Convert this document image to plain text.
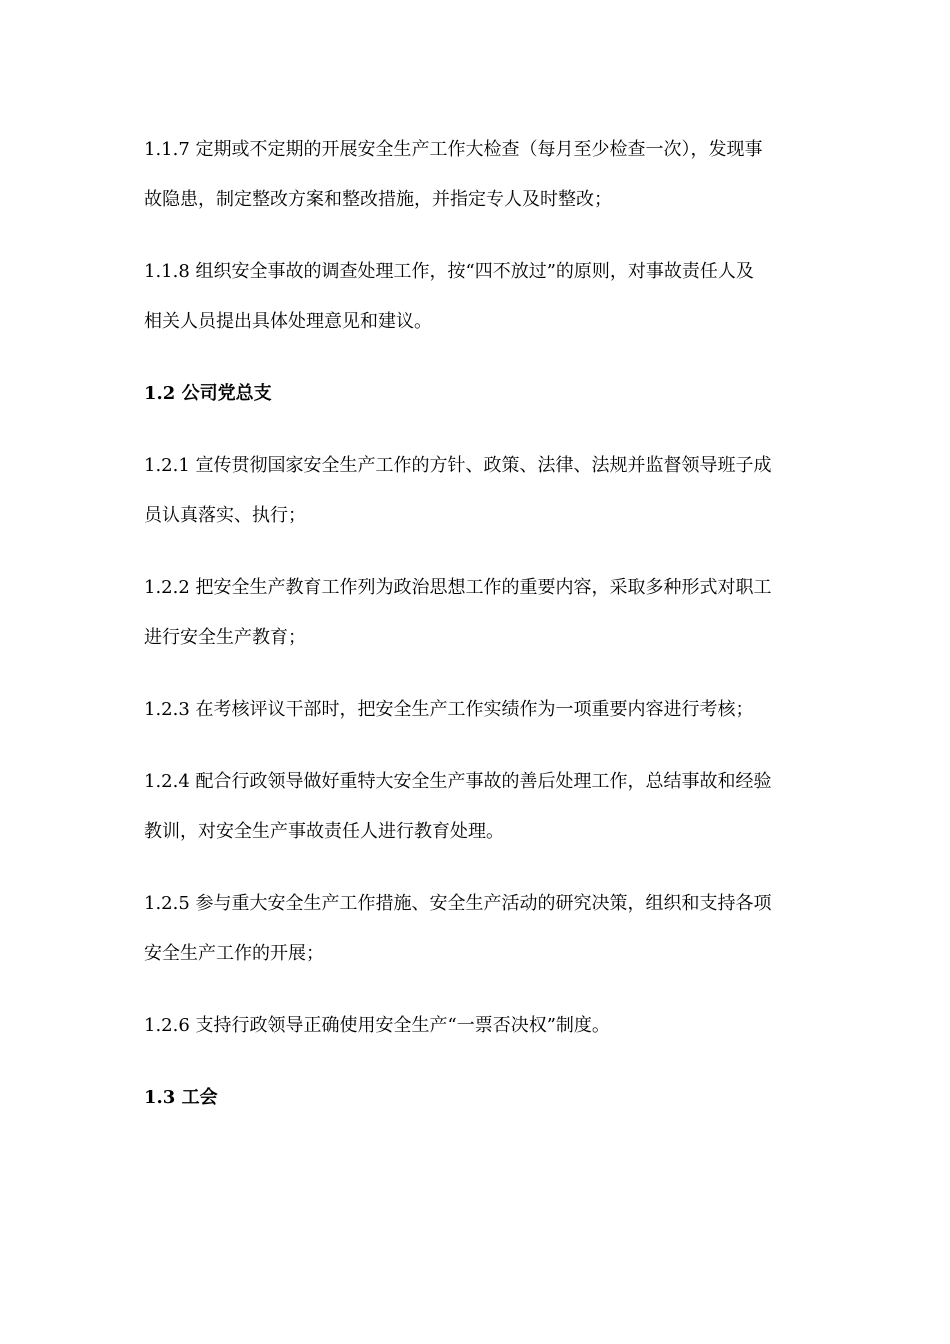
1.1.7 定期或不定期的开展安全生产工作大检查（每月至少检查一次），发现事
故隐患，制定整改方案和整改措施，并指定专人及时整改；
1.1.8 组织安全事故的调查处理工作，按“四不放过”的原则，对事故责任人及
相关人员提出具体处理意见和建议。
1.2 公司党总支
1.2.1 宣传贯彻国家安全生产工作的方针、政策、法律、法规并监督领导班子成
员认真落实、执行；
1.2.2 把安全生产教育工作列为政治思想工作的重要内容，采取多种形式对职工
进行安全生产教育；
1.2.3 在考核评议干部时，把安全生产工作实绩作为一项重要内容进行考核；
1.2.4 配合行政领导做好重特大安全生产事故的善后处理工作，总结事故和经验
教训，对安全生产事故责任人进行教育处理。
1.2.5 参与重大安全生产工作措施、安全生产活动的研究决策，组织和支持各项
安全生产工作的开展；
1.2.6 支持行政领导正确使用安全生产“一票否决权”制度。
1.3 工会
